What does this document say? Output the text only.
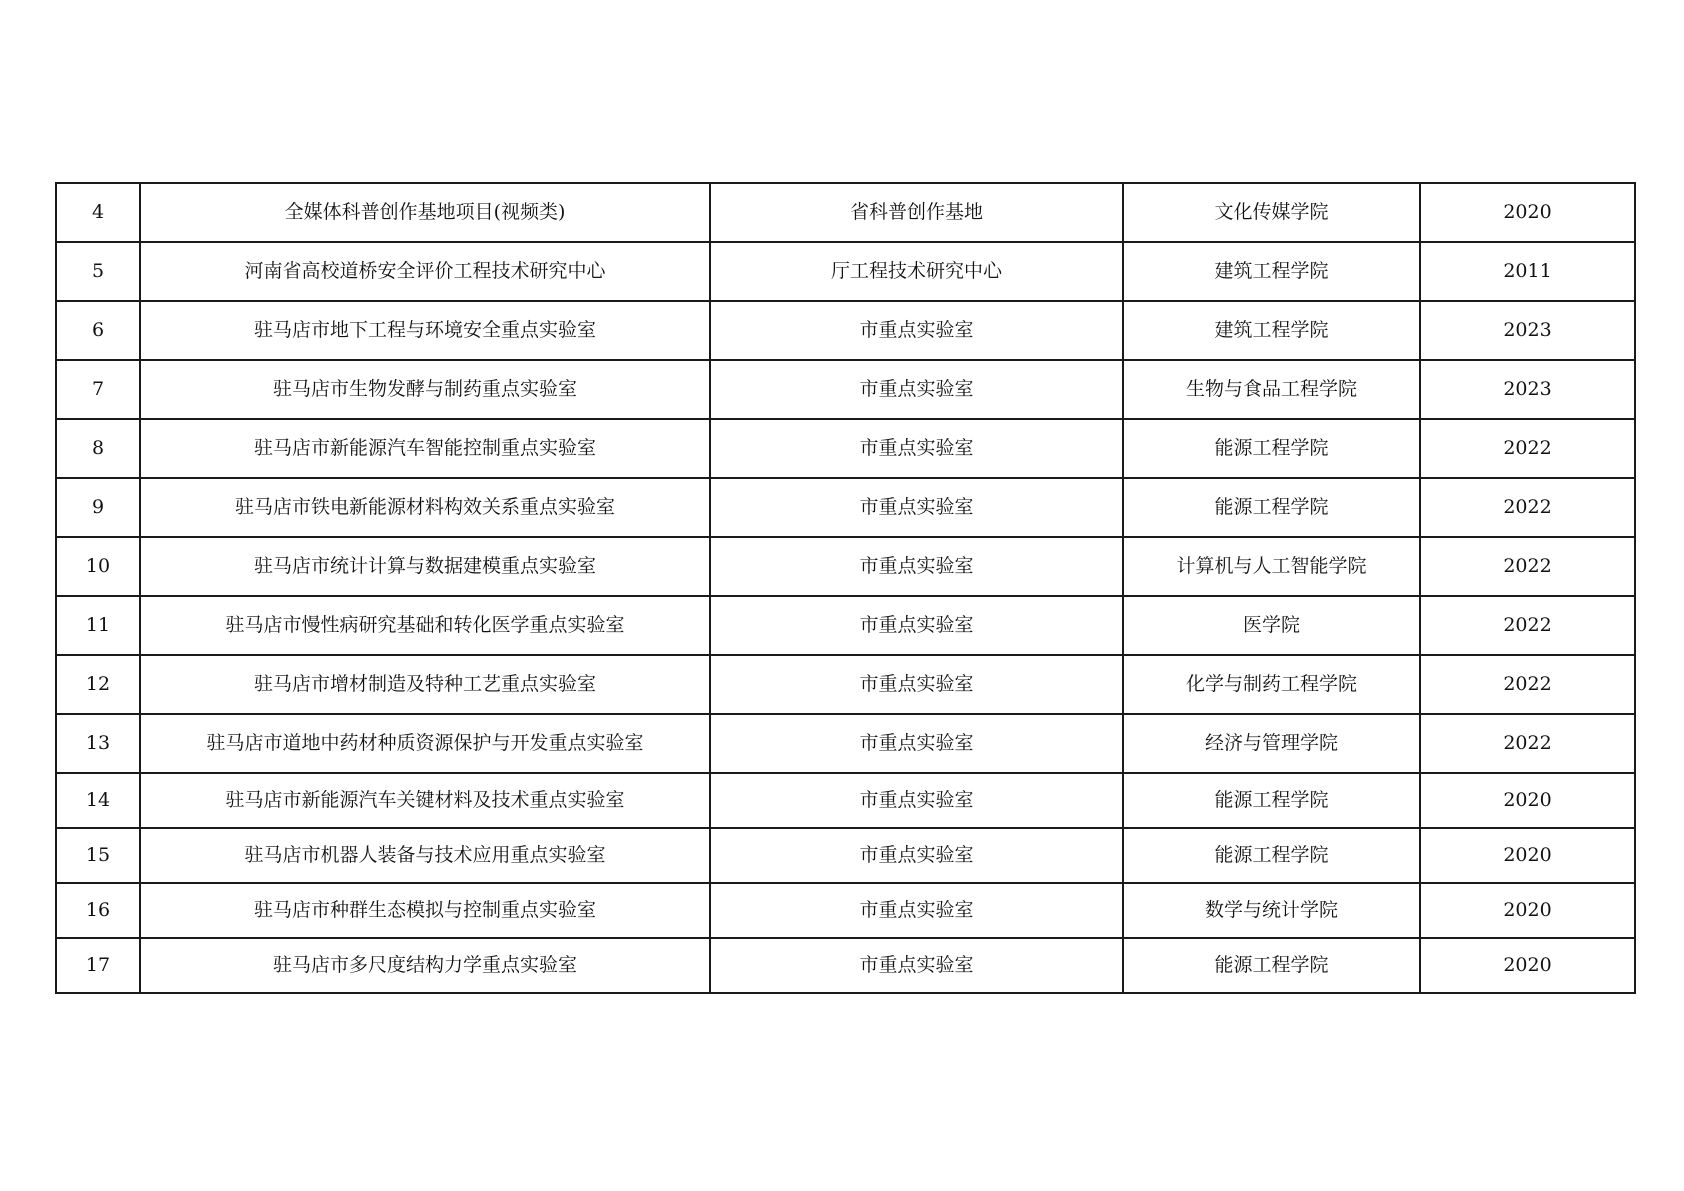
4	全媒体科普创作基地项目(视频类)	省科普创作基地	文化传媒学院	2020
5	河南省高校道桥安全评价工程技术研究中心	厅工程技术研究中心	建筑工程学院	2011
6	驻马店市地下工程与环境安全重点实验室	市重点实验室	建筑工程学院	2023
7	驻马店市生物发酵与制药重点实验室	市重点实验室	生物与食品工程学院	2023
8	驻马店市新能源汽车智能控制重点实验室	市重点实验室	能源工程学院	2022
9	驻马店市铁电新能源材料构效关系重点实验室	市重点实验室	能源工程学院	2022
10	驻马店市统计计算与数据建模重点实验室	市重点实验室	计算机与人工智能学院	2022
11	驻马店市慢性病研究基础和转化医学重点实验室	市重点实验室	医学院	2022
12	驻马店市增材制造及特种工艺重点实验室	市重点实验室	化学与制药工程学院	2022
13	驻马店市道地中药材种质资源保护与开发重点实验室	市重点实验室	经济与管理学院	2022
14	驻马店市新能源汽车关键材料及技术重点实验室	市重点实验室	能源工程学院	2020
15	驻马店市机器人装备与技术应用重点实验室	市重点实验室	能源工程学院	2020
16	驻马店市种群生态模拟与控制重点实验室	市重点实验室	数学与统计学院	2020
17	驻马店市多尺度结构力学重点实验室	市重点实验室	能源工程学院	2020
